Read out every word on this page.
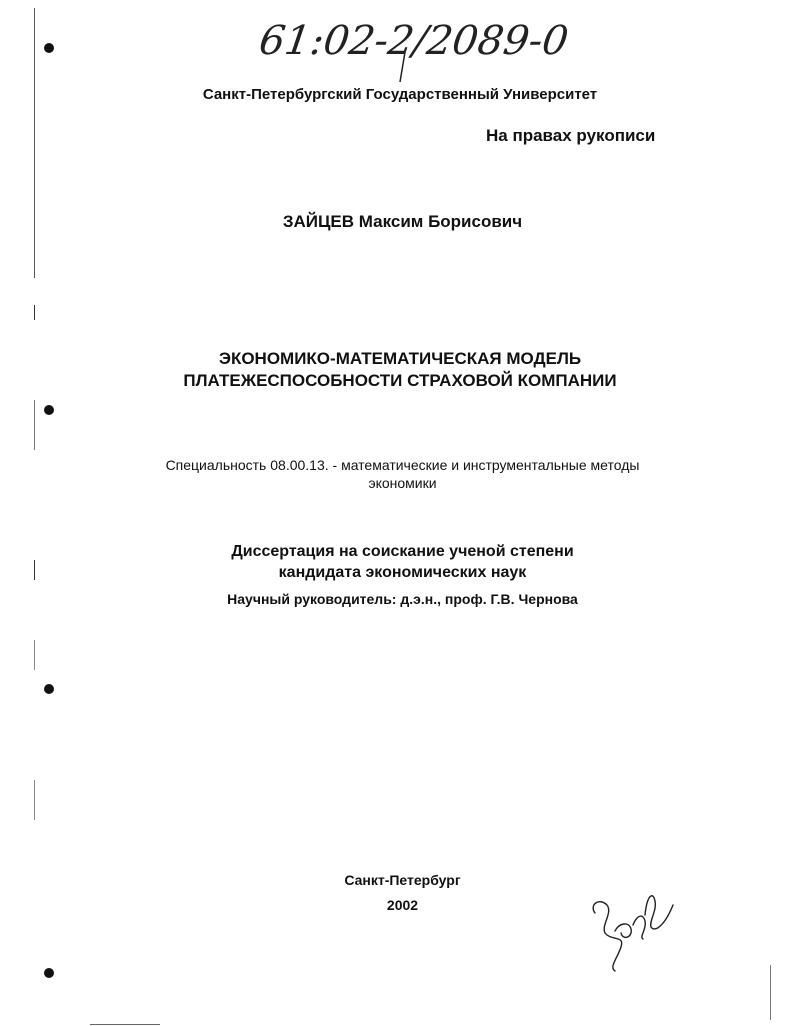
61:02-2/2089-0
Санкт-Петербургский Государственный Университет
На правах рукописи
ЗАЙЦЕВ Максим Борисович
ЭКОНОМИКО-МАТЕМАТИЧЕСКАЯ МОДЕЛЬ
ПЛАТЕЖЕСПОСОБНОСТИ СТРАХОВОЙ КОМПАНИИ
Специальность 08.00.13. - математические и инструментальные методы
экономики
Диссертация на соискание ученой степени
кандидата экономических наук
Научный руководитель: д.э.н., проф. Г.В. Чернова
Санкт-Петербург
2002
